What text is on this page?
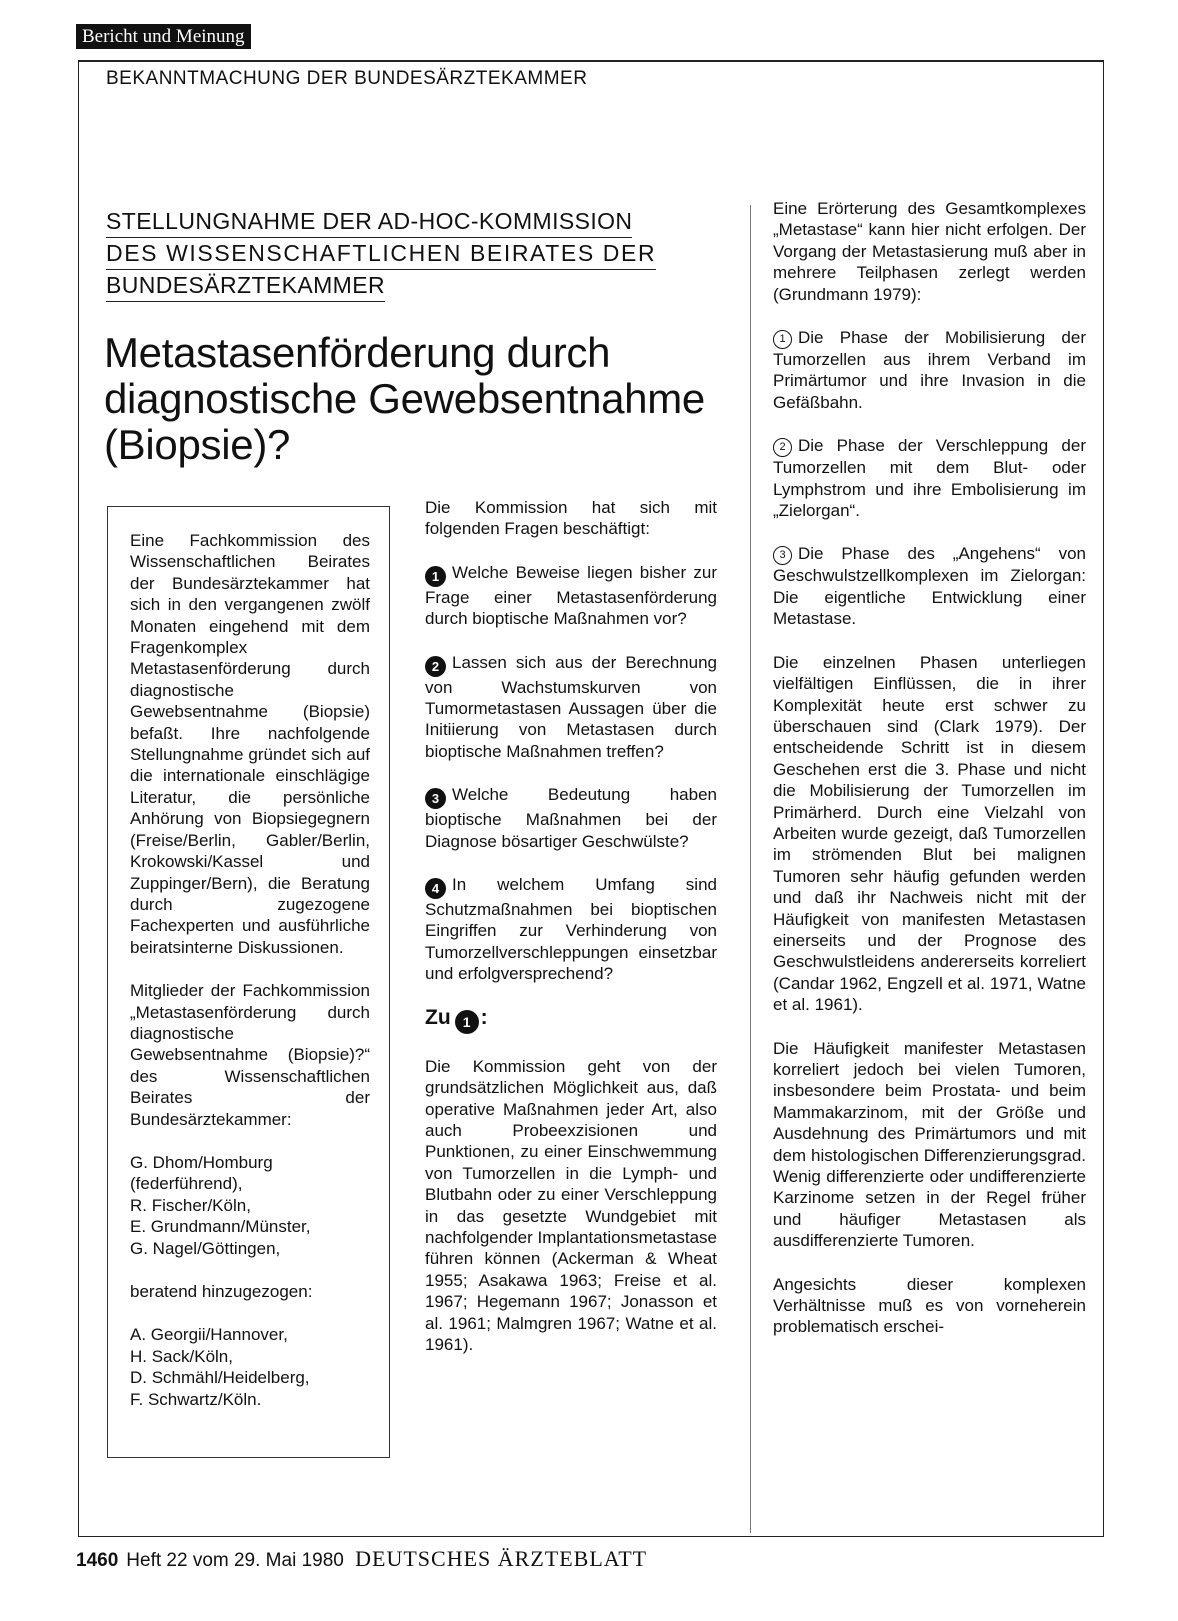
Bericht und Meinung
BEKANNTMACHUNG DER BUNDESÄRZTEKAMMER
STELLUNGNAHME DER AD-HOC-KOMMISSION
DES WISSENSCHAFTLICHEN BEIRATES DER
BUNDESÄRZTEKAMMER
Metastasenförderung durch
diagnostische Gewebsentnahme
(Biopsie)?

Eine Fachkommission des Wissenschaftlichen Beirates der Bundesärztekammer hat sich in den vergangenen zwölf Monaten eingehend mit dem Fragenkomplex Metastasenförderung durch diagnostische Gewebsentnahme (Biopsie) befaßt. Ihre nachfolgende Stellungnahme gründet sich auf die internationale einschlägige Literatur, die persönliche Anhörung von Biopsiegegnern (Freise/Berlin, Gabler/Berlin, Krokowski/Kassel und Zuppinger/Bern), die Beratung durch zugezogene Fachexperten und ausführliche beiratsinterne Diskussionen.

Mitglieder der Fachkommission „Metastasenförderung durch diagnostische Gewebsentnahme (Biopsie)?“ des Wissenschaftlichen Beirates der Bundesärztekammer:

G. Dhom/Homburg (federführend),
R. Fischer/Köln,
E. Grundmann/Münster,
G. Nagel/Göttingen,

beratend hinzugezogen:

A. Georgii/Hannover,
H. Sack/Köln,
D. Schmähl/Heidelberg,
F. Schwartz/Köln.

Die Kommission hat sich mit folgenden Fragen beschäftigt:

1 Welche Beweise liegen bisher zur Frage einer Metastasenförderung durch bioptische Maßnahmen vor?

2 Lassen sich aus der Berechnung von Wachstumskurven von Tumormetastasen Aussagen über die Initiierung von Metastasen durch bioptische Maßnahmen treffen?

3 Welche Bedeutung haben bioptische Maßnahmen bei der Diagnose bösartiger Geschwülste?

4 In welchem Umfang sind Schutzmaßnahmen bei bioptischen Eingriffen zur Verhinderung von Tumorzellverschleppungen einsetzbar und erfolgversprechend?

Zu 1 :

Die Kommission geht von der grundsätzlichen Möglichkeit aus, daß operative Maßnahmen jeder Art, also auch Probeexzisionen und Punktionen, zu einer Einschwemmung von Tumorzellen in die Lymph- und Blutbahn oder zu einer Verschleppung in das gesetzte Wundgebiet mit nachfolgender Implantationsmetastase führen können (Ackerman & Wheat 1955; Asakawa 1963; Freise et al. 1967; Hegemann 1967; Jonasson et al. 1961; Malmgren 1967; Watne et al. 1961).

Eine Erörterung des Gesamtkomplexes „Metastase“ kann hier nicht erfolgen. Der Vorgang der Metastasierung muß aber in mehrere Teilphasen zerlegt werden (Grundmann 1979):

1 Die Phase der Mobilisierung der Tumorzellen aus ihrem Verband im Primärtumor und ihre Invasion in die Gefäßbahn.

2 Die Phase der Verschleppung der Tumorzellen mit dem Blut- oder Lymphstrom und ihre Embolisierung im „Zielorgan“.

3 Die Phase des „Angehens“ von Geschwulstzellkomplexen im Zielorgan: Die eigentliche Entwicklung einer Metastase.

Die einzelnen Phasen unterliegen vielfältigen Einflüssen, die in ihrer Komplexität heute erst schwer zu überschauen sind (Clark 1979). Der entscheidende Schritt ist in diesem Geschehen erst die 3. Phase und nicht die Mobilisierung der Tumorzellen im Primärherd. Durch eine Vielzahl von Arbeiten wurde gezeigt, daß Tumorzellen im strömenden Blut bei malignen Tumoren sehr häufig gefunden werden und daß ihr Nachweis nicht mit der Häufigkeit von manifesten Metastasen einerseits und der Prognose des Geschwulstleidens andererseits korreliert (Candar 1962, Engzell et al. 1971, Watne et al. 1961).

Die Häufigkeit manifester Metastasen korreliert jedoch bei vielen Tumoren, insbesondere beim Prostata- und beim Mammakarzinom, mit der Größe und Ausdehnung des Primärtumors und mit dem histologischen Differenzierungsgrad. Wenig differenzierte oder undifferenzierte Karzinome setzen in der Regel früher und häufiger Metastasen als ausdifferenzierte Tumoren.

Angesichts dieser komplexen Verhältnisse muß es von vorneherein problematisch erschei-

1460 Heft 22 vom 29. Mai 1980 DEUTSCHES ÄRZTEBLATT
